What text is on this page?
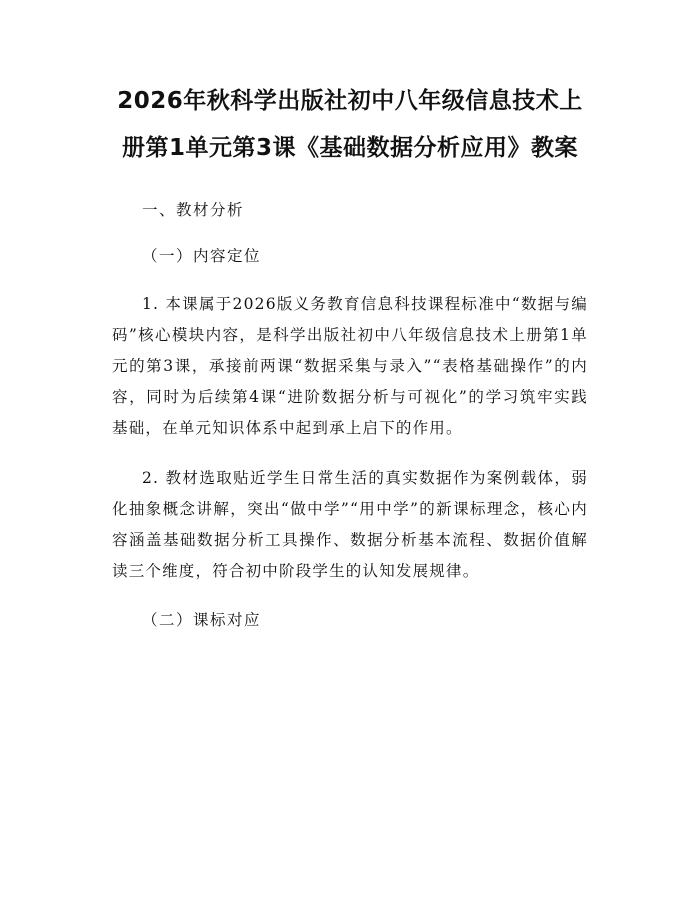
2026年秋科学出版社初中八年级信息技术上册第1单元第3课《基础数据分析应用》教案

一、教材分析

（一）内容定位

1. 本课属于2026版义务教育信息科技课程标准中“数据与编码”核心模块内容，是科学出版社初中八年级信息技术上册第1单元的第3课，承接前两课“数据采集与录入”“表格基础操作”的内容，同时为后续第4课“进阶数据分析与可视化”的学习筑牢实践基础，在单元知识体系中起到承上启下的作用。

2. 教材选取贴近学生日常生活的真实数据作为案例载体，弱化抽象概念讲解，突出“做中学”“用中学”的新课标理念，核心内容涵盖基础数据分析工具操作、数据分析基本流程、数据价值解读三个维度，符合初中阶段学生的认知发展规律。

（二）课标对应
